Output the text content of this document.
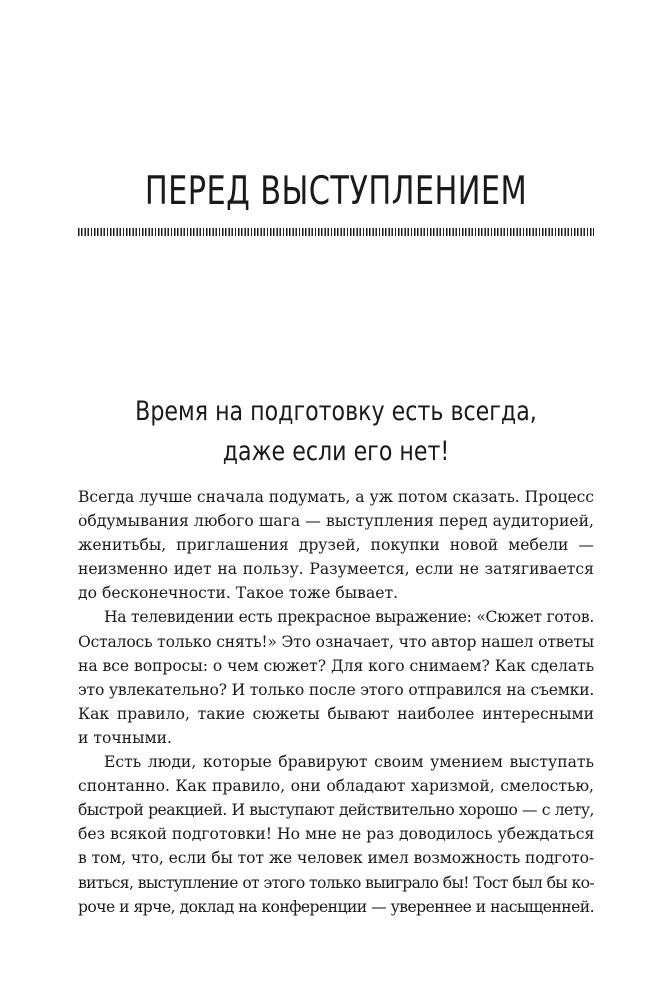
ПЕРЕД ВЫСТУПЛЕНИЕМ
Время на подготовку есть всегда,
даже если его нет!

Всегда лучше сначала подумать, а уж потом сказать. Процесс
обдумывания любого шага — выступления перед аудиторией,
женитьбы, приглашения друзей, покупки новой мебели —
неизменно идет на пользу. Разумеется, если не затягивается
до бесконечности. Такое тоже бывает.

На телевидении есть прекрасное выражение: «Сюжет готов.
Осталось только снять!» Это означает, что автор нашел ответы
на все вопросы: о чем сюжет? Для кого снимаем? Как сделать
это увлекательно? И только после этого отправился на съемки.
Как правило, такие сюжеты бывают наиболее интересными
и точными.

Есть люди, которые бравируют своим умением выступать
спонтанно. Как правило, они обладают харизмой, смелостью,
быстрой реакцией. И выступают действительно хорошо — с лету,
без всякой подготовки! Но мне не раз доводилось убеждаться
в том, что, если бы тот же человек имел возможность подгото-
виться, выступление от этого только выиграло бы! Тост был бы ко-
роче и ярче, доклад на конференции — увереннее и насыщенней.
